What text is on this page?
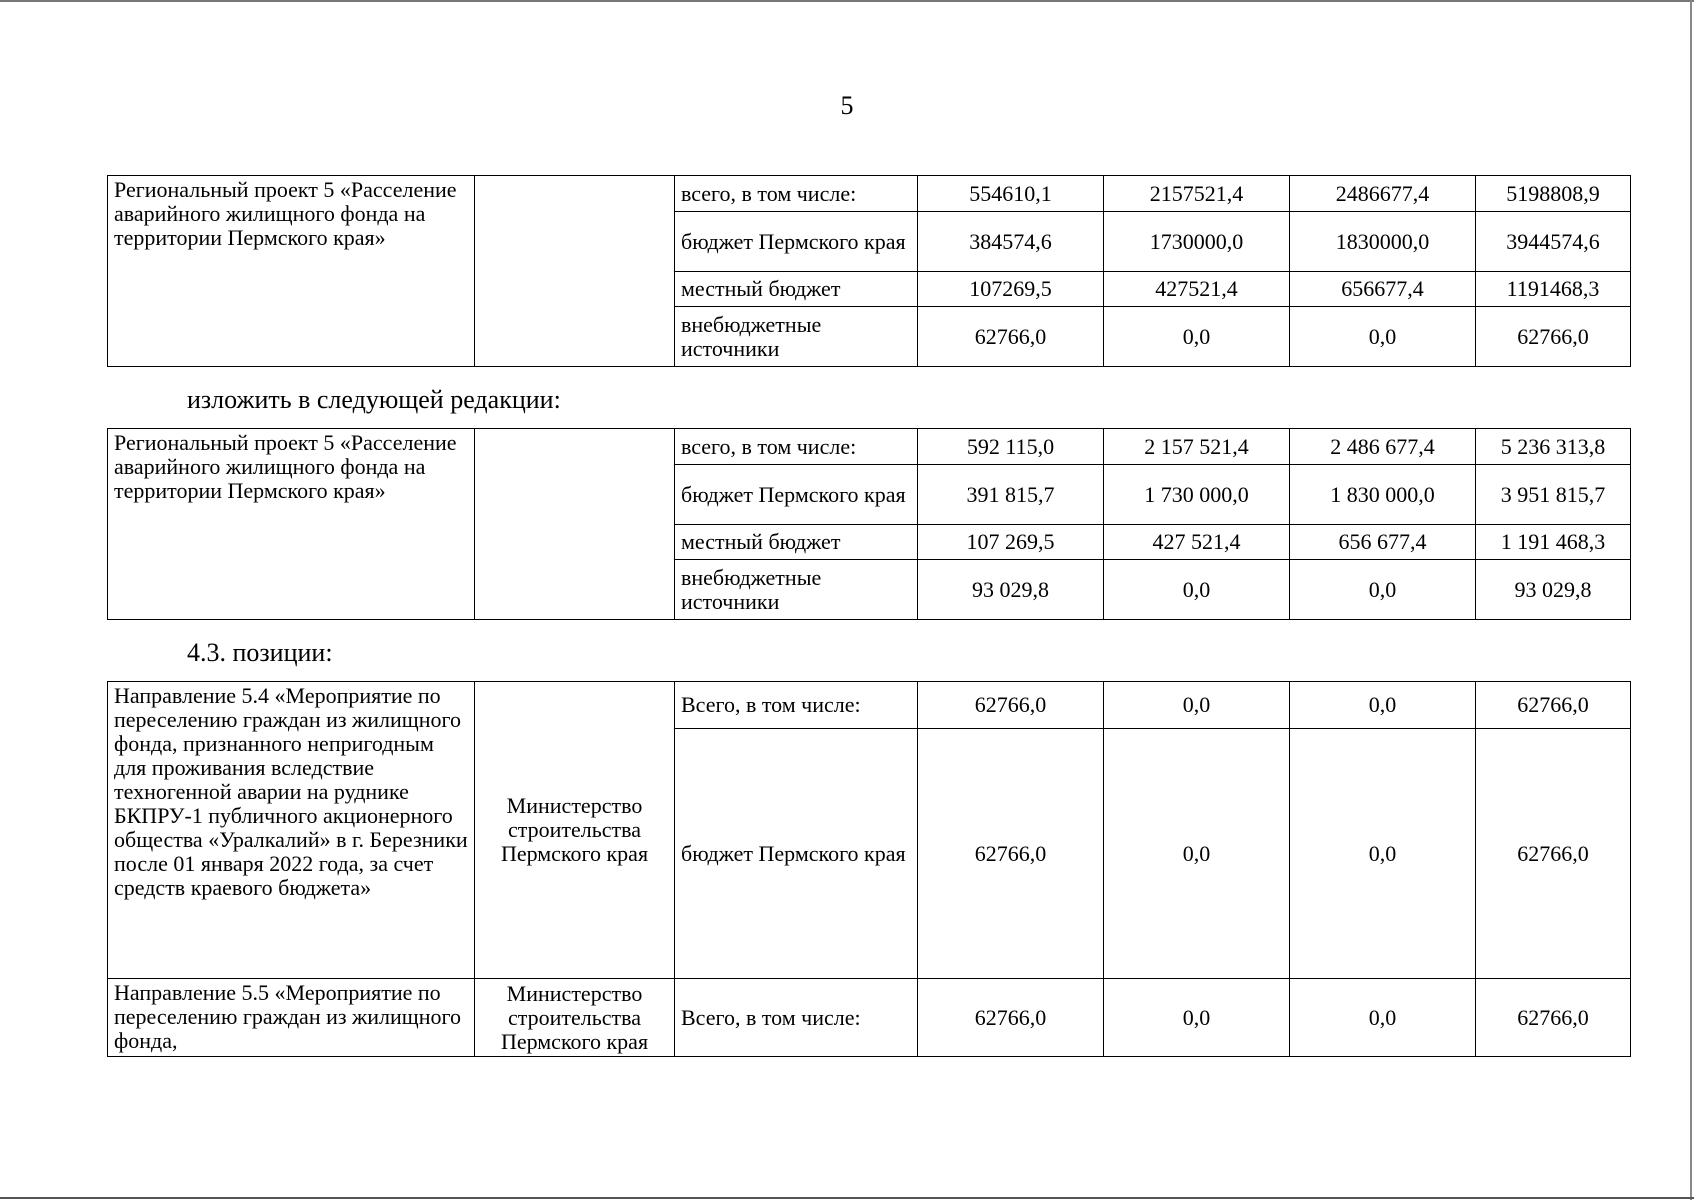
5
Региональный проект 5 «Расселение аварийного жилищного фонда на территории Пермского края»		всего, в том числе:	554610,1	2157521,4	2486677,4	5198808,9
		бюджет Пермского края	384574,6	1730000,0	1830000,0	3944574,6
		местный бюджет	107269,5	427521,4	656677,4	1191468,3
		внебюджетные источники	62766,0	0,0	0,0	62766,0
изложить в следующей редакции:
Региональный проект 5 «Расселение аварийного жилищного фонда на территории Пермского края»		всего, в том числе:	592 115,0	2 157 521,4	2 486 677,4	5 236 313,8
		бюджет Пермского края	391 815,7	1 730 000,0	1 830 000,0	3 951 815,7
		местный бюджет	107 269,5	427 521,4	656 677,4	1 191 468,3
		внебюджетные источники	93 029,8	0,0	0,0	93 029,8
4.3. позиции:
Направление 5.4 «Мероприятие по переселению граждан из жилищного фонда, признанного непригодным для проживания вследствие техногенной аварии на руднике БКПРУ-1 публичного акционерного общества «Уралкалий» в г. Березники после 01 января 2022 года, за счет средств краевого бюджета»	Министерство строительства Пермского края	Всего, в том числе:	62766,0	0,0	0,0	62766,0
		бюджет Пермского края	62766,0	0,0	0,0	62766,0
Направление 5.5 «Мероприятие по переселению граждан из жилищного фонда,	Министерство строительства Пермского края	Всего, в том числе:	62766,0	0,0	0,0	62766,0
